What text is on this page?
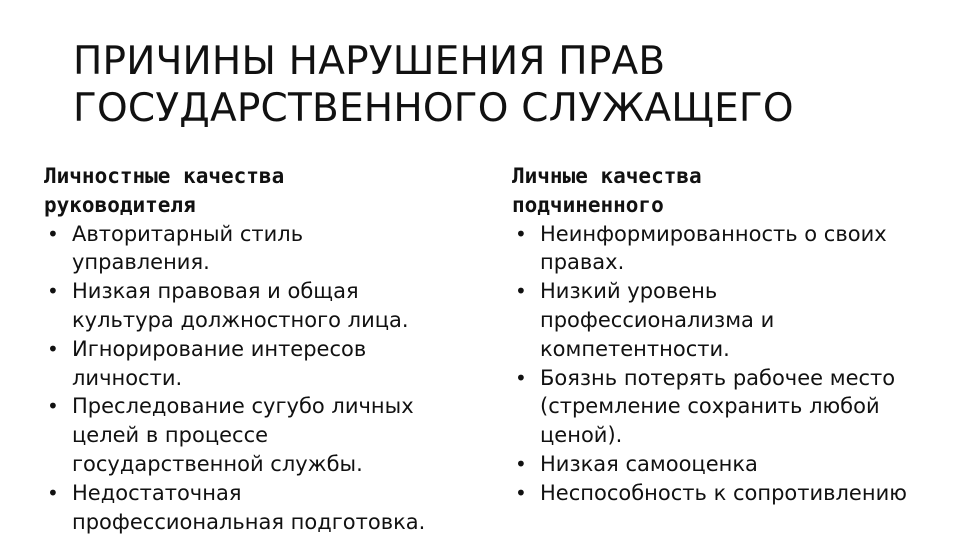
ПРИЧИНЫ НАРУШЕНИЯ ПРАВ
ГОСУДАРСТВЕННОГО СЛУЖАЩЕГО

Личностные качества
руководителя

• Авторитарный стиль
управления.
• Низкая правовая и общая
культура должностного лица.
• Игнорирование интересов
личности.
• Преследование сугубо личных
целей в процессе
государственной службы.
• Недостаточная
профессиональная подготовка.

Личные качества
подчиненного

• Неинформированность о своих
правах.
• Низкий уровень
профессионализма и
компетентности.
• Боязнь потерять рабочее место
(стремление сохранить любой
ценой).
• Низкая самооценка
• Неспособность к сопротивлению
